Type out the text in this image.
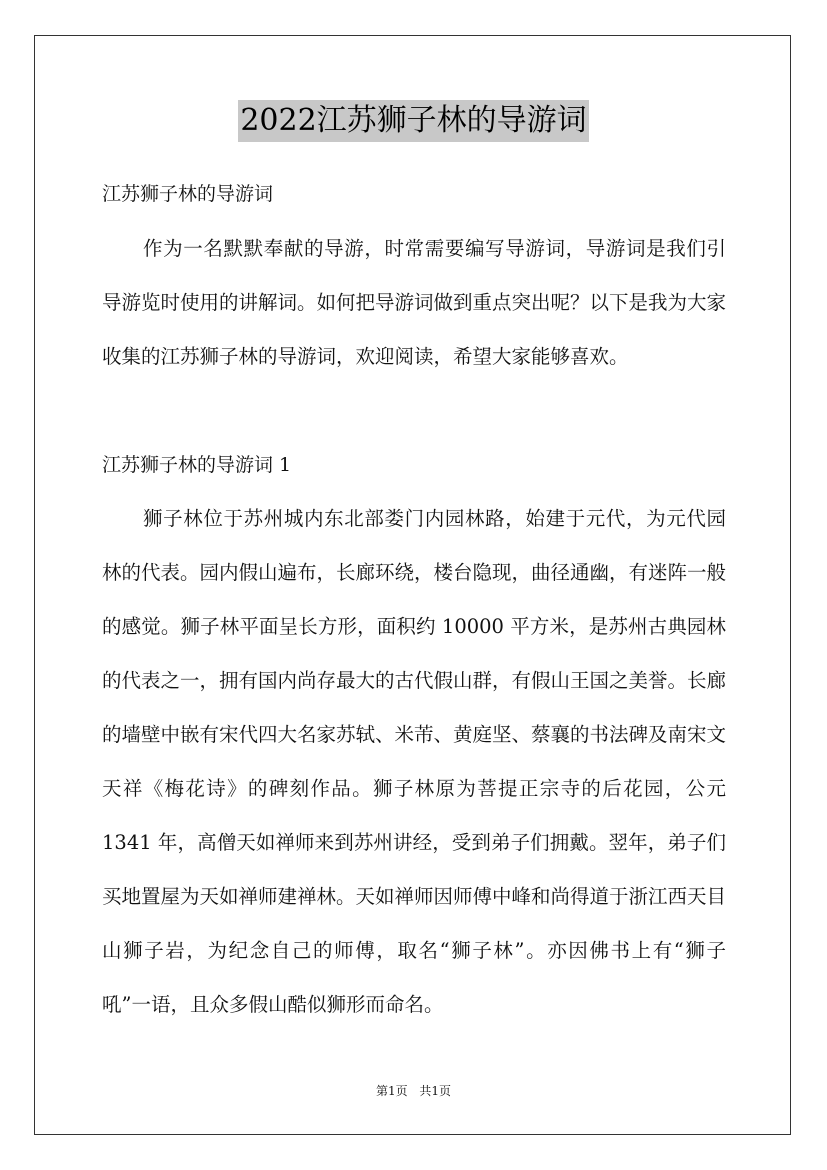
2022江苏狮子林的导游词
江苏狮子林的导游词

作为一名默默奉献的导游，时常需要编写导游词，导游词是我们引导游览时使用的讲解词。如何把导游词做到重点突出呢？以下是我为大家收集的江苏狮子林的导游词，欢迎阅读，希望大家能够喜欢。

江苏狮子林的导游词 1

狮子林位于苏州城内东北部娄门内园林路，始建于元代，为元代园林的代表。园内假山遍布，长廊环绕，楼台隐现，曲径通幽，有迷阵一般的感觉。狮子林平面呈长方形，面积约 10000 平方米，是苏州古典园林的代表之一，拥有国内尚存最大的古代假山群，有假山王国之美誉。长廊的墙壁中嵌有宋代四大名家苏轼、米芾、黄庭坚、蔡襄的书法碑及南宋文天祥《梅花诗》的碑刻作品。狮子林原为菩提正宗寺的后花园，公元 1341 年，高僧天如禅师来到苏州讲经，受到弟子们拥戴。翌年，弟子们买地置屋为天如禅师建禅林。天如禅师因师傅中峰和尚得道于浙江西天目山狮子岩，为纪念自己的师傅，取名“狮子林”。亦因佛书上有“狮子吼”一语，且众多假山酷似狮形而命名。

第1页 共1页
